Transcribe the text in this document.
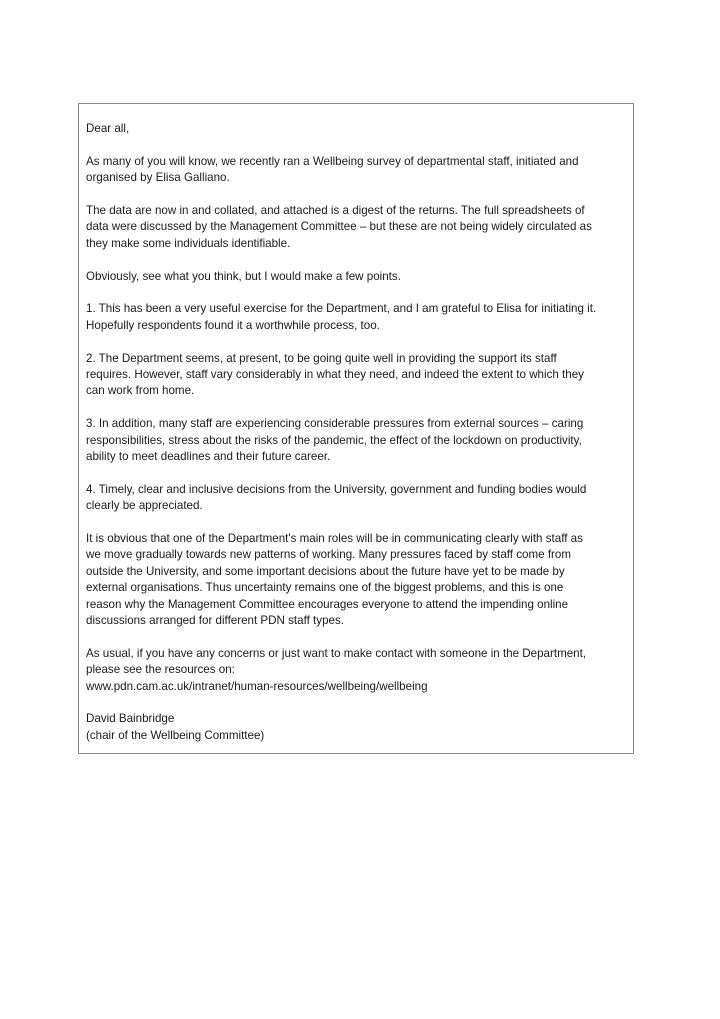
Dear all,
As many of you will know, we recently ran a Wellbeing survey of departmental staff, initiated and
organised by Elisa Galliano.
The data are now in and collated, and attached is a digest of the returns. The full spreadsheets of
data were discussed by the Management Committee – but these are not being widely circulated as
they make some individuals identifiable.
Obviously, see what you think, but I would make a few points.
1. This has been a very useful exercise for the Department, and I am grateful to Elisa for initiating it.
Hopefully respondents found it a worthwhile process, too.
2. The Department seems, at present, to be going quite well in providing the support its staff
requires. However, staff vary considerably in what they need, and indeed the extent to which they
can work from home.
3. In addition, many staff are experiencing considerable pressures from external sources – caring
responsibilities, stress about the risks of the pandemic, the effect of the lockdown on productivity,
ability to meet deadlines and their future career.
4. Timely, clear and inclusive decisions from the University, government and funding bodies would
clearly be appreciated.
It is obvious that one of the Department's main roles will be in communicating clearly with staff as
we move gradually towards new patterns of working. Many pressures faced by staff come from
outside the University, and some important decisions about the future have yet to be made by
external organisations. Thus uncertainty remains one of the biggest problems, and this is one
reason why the Management Committee encourages everyone to attend the impending online
discussions arranged for different PDN staff types.
As usual, if you have any concerns or just want to make contact with someone in the Department,
please see the resources on:
www.pdn.cam.ac.uk/intranet/human-resources/wellbeing/wellbeing
David Bainbridge
(chair of the Wellbeing Committee)
